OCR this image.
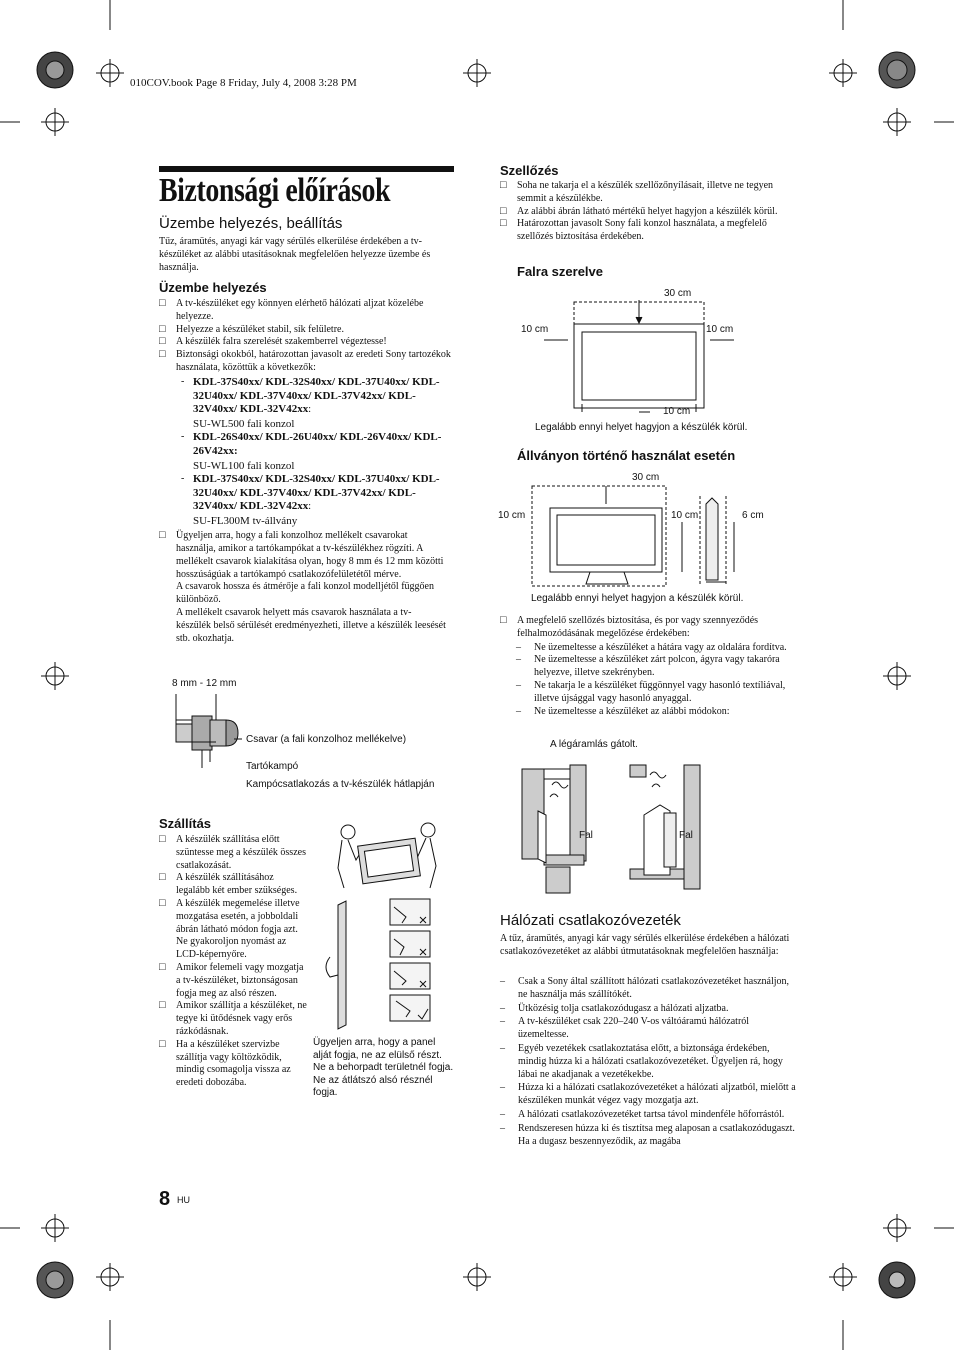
010COV.book Page 8 Friday, July 4, 2008 3:28 PM
Biztonsági előírások
Üzembe helyezés, beállítás
Tűz, áramütés, anyagi kár vagy sérülés elkerülése érdekében a tv-készüléket az alábbi utasításoknak megfelelően helyezze üzembe és használja.
Üzembe helyezés
□ A tv-készüléket egy könnyen elérhető hálózati aljzat közelébe helyezze.
□ Helyezze a készüléket stabil, sík felületre.
□ A készülék falra szerelését szakemberrel végeztesse!
□ Biztonsági okokból, határozottan javasolt az eredeti Sony tartozékok használata, közöttük a következők:
- KDL-37S40xx/ KDL-32S40xx/ KDL-37U40xx/ KDL-32U40xx/ KDL-37V40xx/ KDL-37V42xx/ KDL-32V40xx/ KDL-32V42xx:
SU-WL500 fali konzol
- KDL-26S40xx/ KDL-26U40xx/ KDL-26V40xx/ KDL-26V42xx:
SU-WL100 fali konzol
- KDL-37S40xx/ KDL-32S40xx/ KDL-37U40xx/ KDL-32U40xx/ KDL-37V40xx/ KDL-37V42xx/ KDL-32V40xx/ KDL-32V42xx:
SU-FL300M tv-állvány
□ Ügyeljen arra, hogy a fali konzolhoz mellékelt csavarokat használja, amikor a tartókampókat a tv-készülékhez rögzíti. A mellékelt csavarok kialakítása olyan, hogy 8 mm és 12 mm közötti hosszúságúak a tartókampó csatlakozófelületétől mérve.
A csavarok hossza és átmérője a fali konzol modelljétől függően különböző.
A mellékelt csavarok helyett más csavarok használata a tv-készülék belső sérülését eredményezheti, illetve a készülék leesését stb. okozhatja.
8 mm - 12 mm
Csavar (a fali konzolhoz mellékelve)
Tartókampó
Kampócsatlakozás a tv-készülék hátlapján
Szállítás
□ A készülék szállítása előtt szüntesse meg a készülék összes csatlakozását.
□ A készülék szállításához legalább két ember szükséges.
□ A készülék megemelése illetve mozgatása esetén, a jobboldali ábrán látható módon fogja azt. Ne gyakoroljon nyomást az LCD-képernyőre.
□ Amikor felemeli vagy mozgatja a tv-készüléket, biztonságosan fogja meg az alsó részen.
□ Amikor szállítja a készüléket, ne tegye ki ütődésnek vagy erős rázkódásnak.
□ Ha a készüléket szervizbe szállítja vagy költözködik, mindig csomagolja vissza az eredeti dobozába.
Ügyeljen arra, hogy a panel alját fogja, ne az elülső részt.
Ne a behorpadt területnél fogja.
Ne az átlátszó alsó résznél fogja.
8 HU
Szellőzés
□ Soha ne takarja el a készülék szellőzőnyílásait, illetve ne tegyen semmit a készülékbe.
□ Az alábbi ábrán látható mértékű helyet hagyjon a készülék körül.
□ Határozottan javasolt Sony fali konzol használata, a megfelelő szellőzés biztosítása érdekében.
Falra szerelve
30 cm
10 cm	10 cm
10 cm
Legalább ennyi helyet hagyjon a készülék körül.
Állványon történő használat esetén
30 cm
10 cm	10 cm	6 cm
Legalább ennyi helyet hagyjon a készülék körül.
□ A megfelelő szellőzés biztosítása, és por vagy szennyeződés felhalmozódásának megelőzése érdekében:
– Ne üzemeltesse a készüléket a hátára vagy az oldalára fordítva.
– Ne üzemeltesse a készüléket zárt polcon, ágyra vagy takaróra helyezve, illetve szekrényben.
– Ne takarja le a készüléket függönnyel vagy hasonló textíliával, illetve újsággal vagy hasonló anyaggal.
– Ne üzemeltesse a készüléket az alábbi módokon:
A légáramlás gátolt.
Fal	Fal
Hálózati csatlakozóvezeték
A tűz, áramütés, anyagi kár vagy sérülés elkerülése érdekében a hálózati csatlakozóvezetéket az alábbi útmutatásoknak megfelelően használja:
– Csak a Sony által szállított hálózati csatlakozóvezetéket használjon, ne használja más szállítókét.
– Ütközésig tolja csatlakozódugasz a hálózati aljzatba.
– A tv-készüléket csak 220–240 V-os váltóáramú hálózatról üzemeltesse.
– Egyéb vezetékek csatlakoztatása előtt, a biztonsága érdekében, mindig húzza ki a hálózati csatlakozóvezetéket. Ügyeljen rá, hogy lábai ne akadjanak a vezetékekbe.
– Húzza ki a hálózati csatlakozóvezetéket a hálózati aljzatból, mielőtt a készüléken munkát végez vagy mozgatja azt.
– A hálózati csatlakozóvezetéket tartsa távol mindenféle hőforrástól.
– Rendszeresen húzza ki és tisztítsa meg alaposan a csatlakozódugaszt. Ha a dugasz beszennyeződik, az magába
